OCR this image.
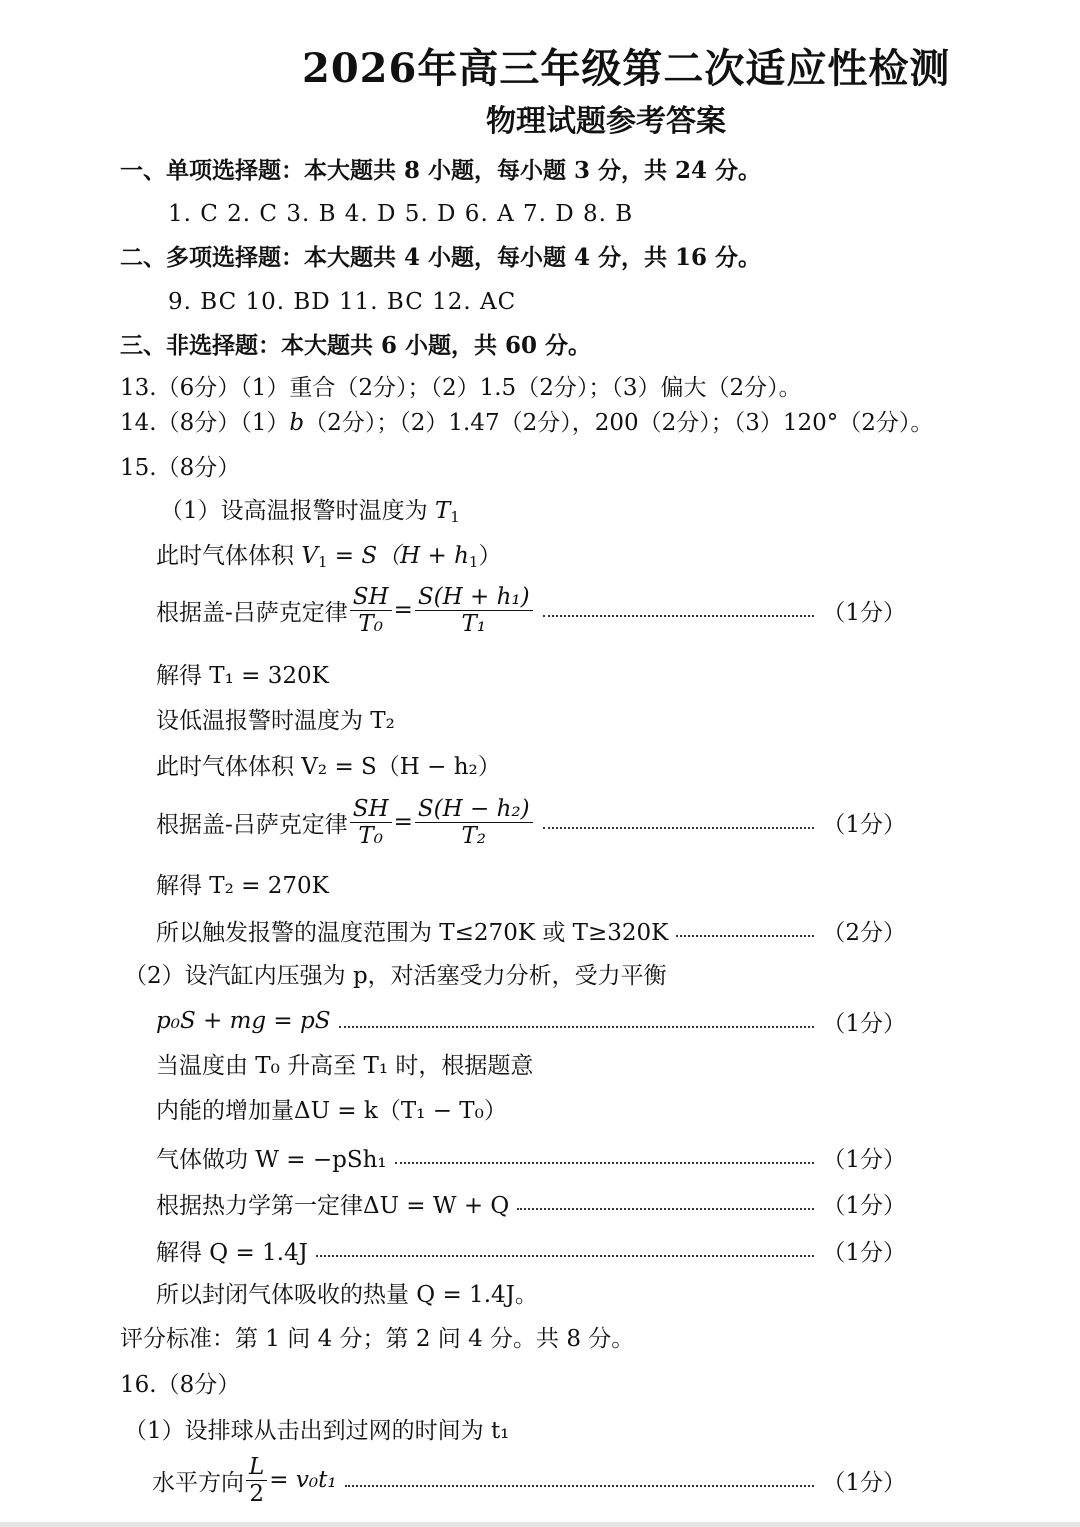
2026年高三年级第二次适应性检测
物理试题参考答案
一、单项选择题：本大题共 8 小题，每小题 3 分，共 24 分。
1. C 2. C 3. B 4. D 5. D 6. A 7. D 8. B
二、多项选择题：本大题共 4 小题，每小题 4 分，共 16 分。
9. BC 10. BD 11. BC 12. AC
三、非选择题：本大题共 6 小题，共 60 分。
13.（6分）（1）重合（2分）；（2）1.5（2分）；（3）偏大（2分）。
14.（8分）（1）b（2分）；（2）1.47（2分），200（2分）；（3）120°（2分）。
15.（8分）
（1）设高温报警时温度为 $T_1$
此时气体体积 $V_1 = S(H + h_1)$
根据盖-吕萨克定律 $\frac{SH}{\text{T₀}} = \frac{\text{S(H + h₁)}}{\text{T₁}}$	（1分）
解得 T₁ = 320K
设低温报警时温度为 T₂
此时气体体积 V₂ = S（H − h₂）
根据盖-吕萨克定律 $\frac{SH}{\text{T₀}} = \frac{\text{S(H − h₂)}}{\text{T₂}}$	（1分）
解得 T₂ = 270K
所以触发报警的温度范围为 T≤270K 或 T≥320K	（2分）
（2）设汽缸内压强为 p，对活塞受力分析，受力平衡
p₀S + mg = pS	（1分）
当温度由 T₀ 升高至 T₁ 时，根据题意
内能的增加量ΔU = k（T₁ − T₀）
气体做功 W = −pSh₁	（1分）
根据热力学第一定律ΔU = W + Q	（1分）
解得 Q = 1.4J	（1分）
所以封闭气体吸收的热量 Q = 1.4J。
评分标准：第 1 问 4 分；第 2 问 4 分。共 8 分。
16.（8分）
（1）设排球从击出到过网的时间为 t₁
水平方向 $\frac{L}{2} = v_0t_1$	（1分）
